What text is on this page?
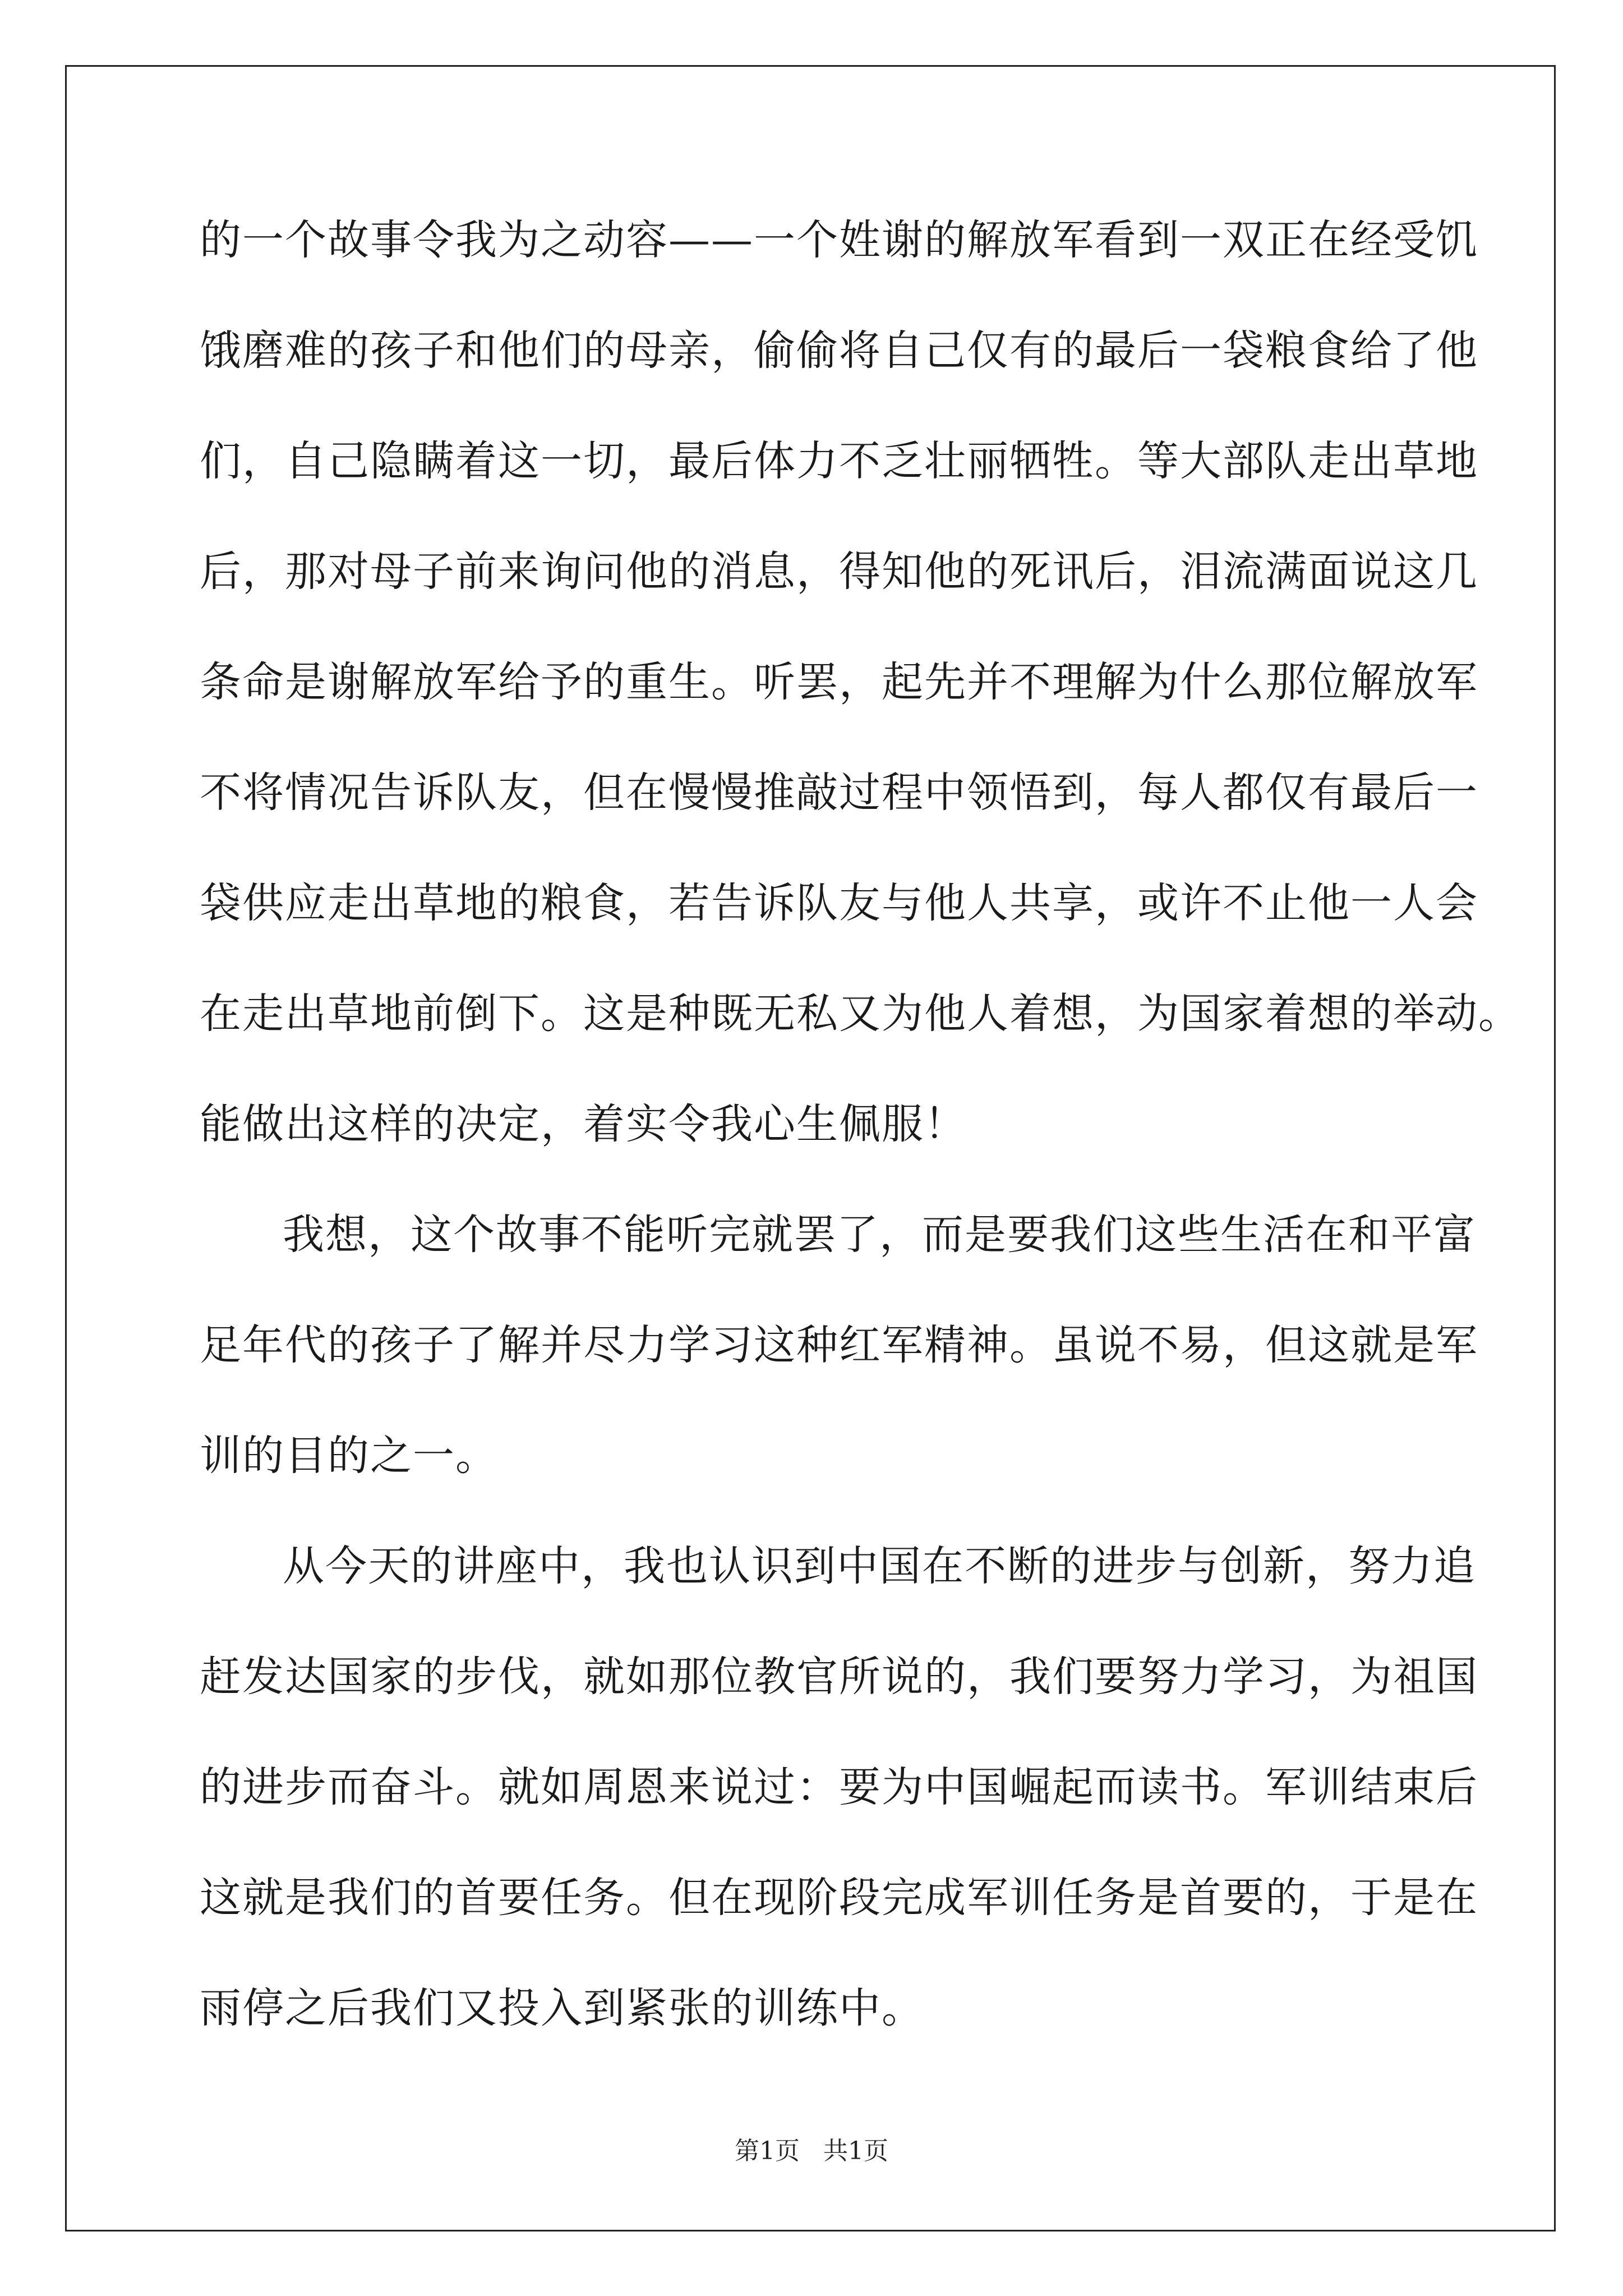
的一个故事令我为之动容——一个姓谢的解放军看到一双正在经受饥
饿磨难的孩子和他们的母亲，偷偷将自己仅有的最后一袋粮食给了他
们，自己隐瞒着这一切，最后体力不乏壮丽牺牲。等大部队走出草地
后，那对母子前来询问他的消息，得知他的死讯后，泪流满面说这几
条命是谢解放军给予的重生。听罢，起先并不理解为什么那位解放军
不将情况告诉队友，但在慢慢推敲过程中领悟到，每人都仅有最后一
袋供应走出草地的粮食，若告诉队友与他人共享，或许不止他一人会
在走出草地前倒下。这是种既无私又为他人着想，为国家着想的举动。
能做出这样的决定，着实令我心生佩服！
我想，这个故事不能听完就罢了，而是要我们这些生活在和平富
足年代的孩子了解并尽力学习这种红军精神。虽说不易，但这就是军
训的目的之一。
从今天的讲座中，我也认识到中国在不断的进步与创新，努力追
赶发达国家的步伐，就如那位教官所说的，我们要努力学习，为祖国
的进步而奋斗。就如周恩来说过：要为中国崛起而读书。军训结束后
这就是我们的首要任务。但在现阶段完成军训任务是首要的，于是在
雨停之后我们又投入到紧张的训练中。
第1页 共1页
